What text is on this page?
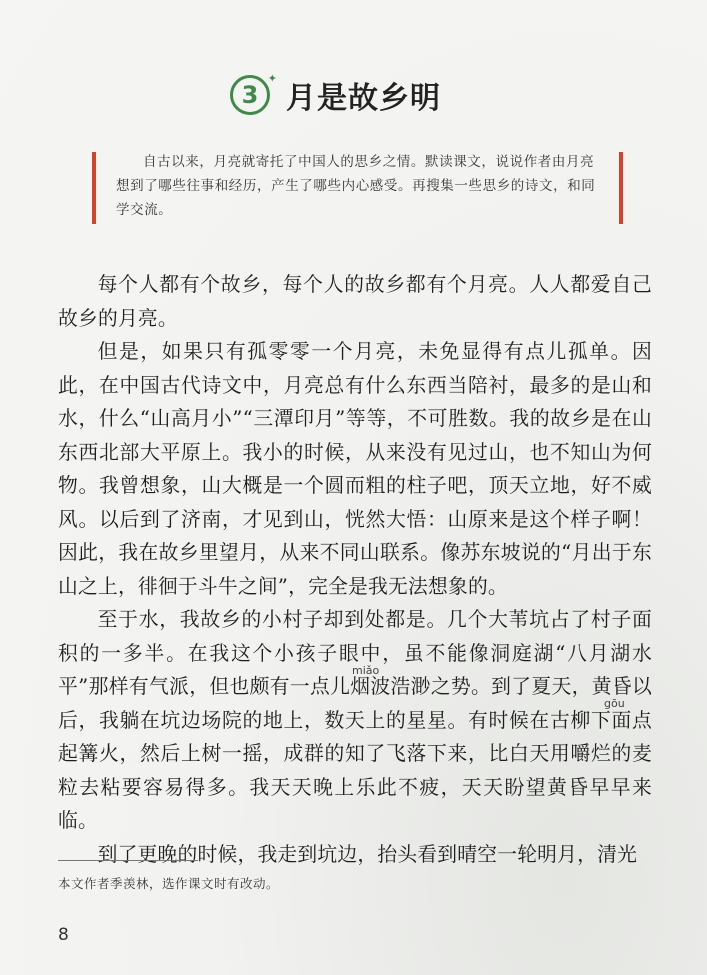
3
✦
月是故乡明
自古以来，月亮就寄托了中国人的思乡之情。默读课文，说说作者由月亮想到了哪些往事和经历，产生了哪些内心感受。再搜集一些思乡的诗文，和同学交流。

每个人都有个故乡，每个人的故乡都有个月亮。人人都爱自己故乡的月亮。

但是，如果只有孤零零一个月亮，未免显得有点儿孤单。因此，在中国古代诗文中，月亮总有什么东西当陪衬，最多的是山和水，什么“山高月小”“三潭印月”等等，不可胜数。我的故乡是在山东西北部大平原上。我小的时候，从来没有见过山，也不知山为何物。我曾想象，山大概是一个圆而粗的柱子吧，顶天立地，好不威风。以后到了济南，才见到山，恍然大悟：山原来是这个样子啊！因此，我在故乡里望月，从来不同山联系。像苏东坡说的“月出于东山之上，徘徊于斗牛之间”，完全是我无法想象的。

至于水，我故乡的小村子却到处都是。几个大苇坑占了村子面积的一多半。在我这个小孩子眼中，虽不能像洞庭湖“八月湖水平”那样有气派，但也颇有一点儿烟波浩渺之势。到了夏天，黄昏以后，我躺在坑边场院的地上，数天上的星星。有时候在古柳下面点起篝火，然后上树一摇，成群的知了飞落下来，比白天用嚼烂的麦粒去粘要容易得多。我天天晚上乐此不疲，天天盼望黄昏早早来临。

到了更晚的时候，我走到坑边，抬头看到晴空一轮明月，清光

miǎo
gōu
本文作者季羡林，选作课文时有改动。
8
